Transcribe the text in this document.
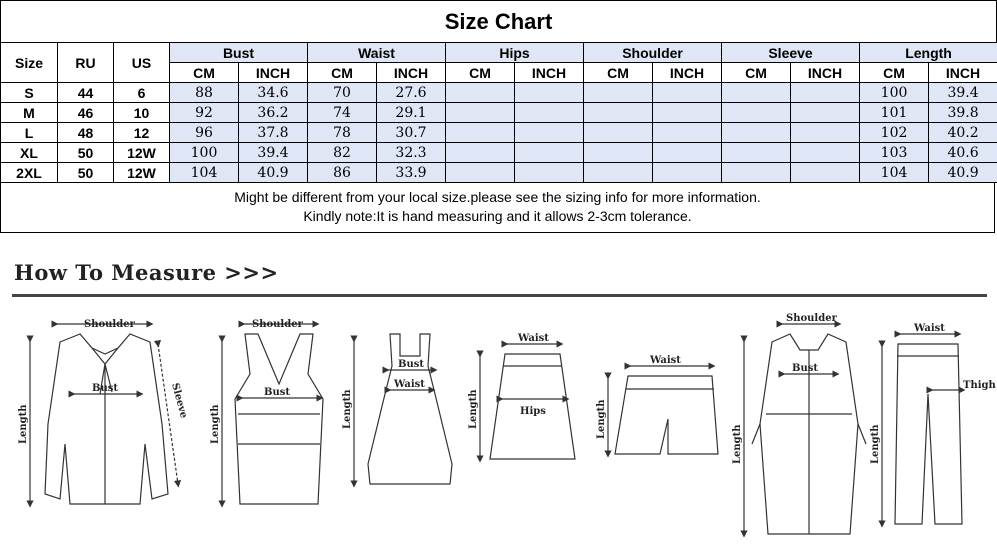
Size Chart
Size	RU	US	Bust		Waist		Hips		Shoulder		Sleeve		Length	
			CM	INCH	CM	INCH	CM	INCH	CM	INCH	CM	INCH	CM	INCH
S	44	6	88	34.6	70	27.6							100	39.4
M	46	10	92	36.2	74	29.1							101	39.8
L	48	12	96	37.8	78	30.7							102	40.2
XL	50	12W	100	39.4	82	32.3							103	40.6
2XL	50	12W	104	40.9	86	33.9							104	40.9
Might be different from your local size.please see the sizing info for more information.
Kindly note:It is hand measuring and it allows 2-3cm tolerance.
How To Measure >>>
Shoulder
Bust
Length
Sleeve
Shoulder
Bust
Length
Bust
Waist
Length
Waist
Hips
Length
Waist
Length
Shoulder
Bust
Length
Waist
Thigh
Length
